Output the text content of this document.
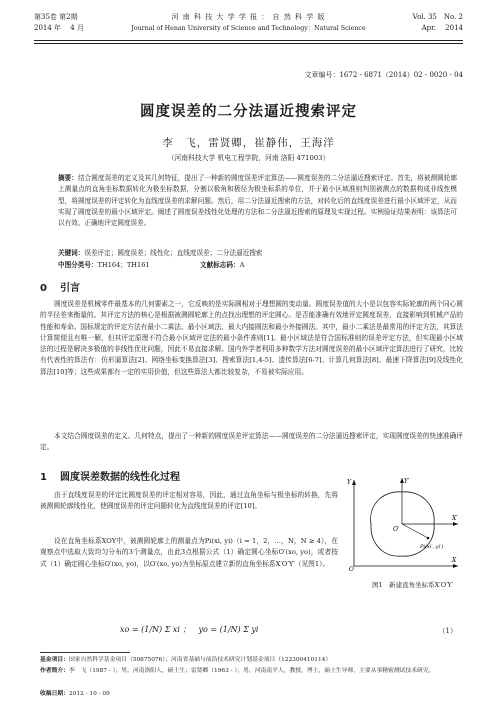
第35卷 第2期
2014 年　 4 月
河 南 科 技 大 学 学 报 ： 自 然 科 学 版
Journal of Henan University of Science and Technology：Natural Science
Vol. 35　No. 2
Apr.　 2014
文章编号：1672 - 6871（2014）02 - 0020 - 04
圆度误差的二分法逼近搜索评定
李　飞，雷贤卿，崔静伟，王海洋
（河南科技大学 机电工程学院，河南 洛阳 471003）
摘要：结合圆度误差的定义及其几何特征，提出了一种新的圆度误差评定算法——圆度误差的二分法逼近搜索评定。首先，将被测圆轮廓上测量点的直角坐标数据转化为极坐标数据，分割以极角和极径为极坐标系的单位，并于最小区域准则判别被测点的数据构成非线性模型，将圆度误差的评定转化为直线度误差的求解问题。然后，用二分法逼近搜索的方法，对转化后的直线度误差进行最小区域评定，从而实现了圆度误差的最小区域评定。阐述了圆度误差线性化处理的方法和二分法逼近搜索的原理及实现过程。实例验证结果表明：该算法可以有效、正确地评定圆度误差。
关键词：误差评定；圆度误差；线性化；直线度误差；二分法逼近搜索
中图分类号：TH164；TH161	文献标志码：A
0 引言
圆度误差是机械零件最基本的几何要素之一，它反映的是实际圆相对于理想圆的变动量。圆度误差值的大小是以包容实际轮廓的两个同心圆的半径差来衡量的。其评定方法的核心是根据被测圆轮廓上的点找出理想的评定圆心。是否能准确有效地评定圆度误差，直接影响到机械产品的性能和寿命。国标规定的评定方法有最小二乘法、最小区域法、最大内接圆法和最小外接圆法。其中，最小二乘法是最常用的评定方法，其算法计算简便且有唯一解，但其评定原理不符合最小区域评定法的最小条件准则[1]。最小区域法是符合国标准则的误差评定方法，但实现最小区域法的过程是解决多极值的非线性优化问题，因此不易直接求解。国内外学者利用多种数学方法对圆度误差的最小区域评定算法进行了研究，比较有代表性的算法有：仿形逼算法[2]、网络坐标变换算法[3]、搜索算法[1,4-5]、遗传算法[6-7]、计算几何算法[8]、最速下降算法[9]及线性化算法[10]等；这些成果都有一定的实用价值，但这些算法大都比较复杂，不易被实际应用。
本文结合圆度误差的定义、几何特点，提出了一种新的圆度误差评定算法——圆度误差的二分法逼近搜索评定，实现圆度误差的快速准确评定。
1 圆度误差数据的线性化过程
由于直线度误差的评定比圆度误差的评定相对容易，因此，通过直角坐标与极坐标的转换，先将被测圆轮廓线性化，使圆度误差的评定问题转化为直线度误差的评定[10]。
设在直角坐标系XOY中，被测圆轮廓上的测量点为Pi(xi, yi)（i = 1，2，…，N，N ≥ 4），在观察点中选取大致均匀分布的3个测量点，由此3点根据公式（1）确定圆心坐标O′(xo, yo)，或者按式（1）确定圆心坐标O′(xo, yo)，以O′(xo, yo)为坐标原点建立新的直角坐标系X′O′Y′（见图1）。
Y	Y′
X
X′
O
O′
Pi(xi′, yi′)
图1　新建直角坐标系X′O′Y′
xo = (1/N) Σ xi ；　yo = (1/N) Σ yi	（1）
基金项目：国家自然科学基金项目（50875076）；河南省基础与前沿技术研究计划基金项目（122300410114）
作者简介：李　飞（1987 - ），男，河南洛阳人，硕士生；雷贤卿（1963 - ），男，河南南平人，教授，博士，硕士生导师，主要从事精密测试技术研究。
收稿日期：2012 - 10 - 09
